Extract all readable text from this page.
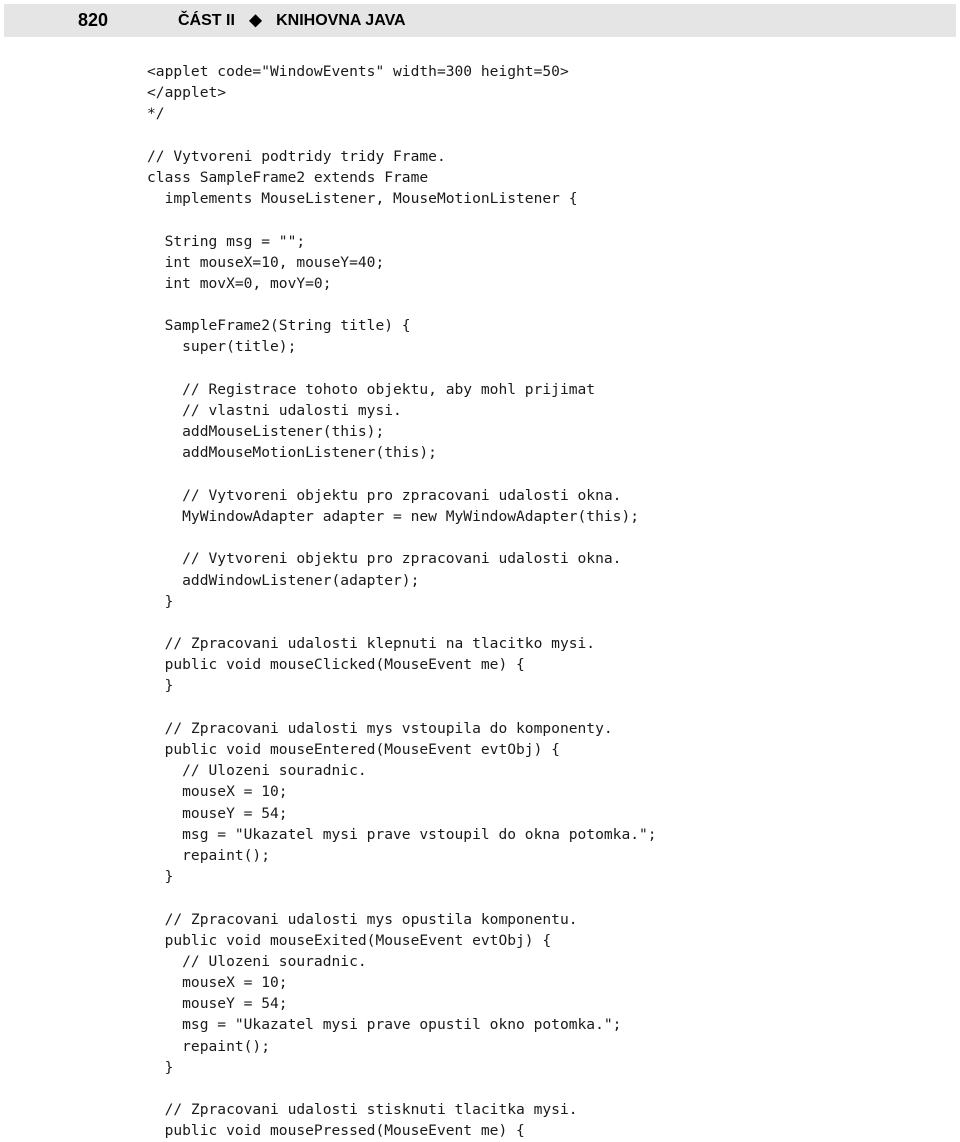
820	ČÁST II ◆ KNIHOVNA JAVA
<applet code="WindowEvents" width=300 height=50>
</applet>
*/
// Vytvoreni podtridy tridy Frame.
class SampleFrame2 extends Frame
implements MouseListener, MouseMotionListener {
String msg = "";
int mouseX=10, mouseY=40;
int movX=0, movY=0;
SampleFrame2(String title) {
super(title);
// Registrace tohoto objektu, aby mohl prijimat
// vlastni udalosti mysi.
addMouseListener(this);
addMouseMotionListener(this);
// Vytvoreni objektu pro zpracovani udalosti okna.
MyWindowAdapter adapter = new MyWindowAdapter(this);
// Vytvoreni objektu pro zpracovani udalosti okna.
addWindowListener(adapter);
}
// Zpracovani udalosti klepnuti na tlacitko mysi.
public void mouseClicked(MouseEvent me) {
}
// Zpracovani udalosti mys vstoupila do komponenty.
public void mouseEntered(MouseEvent evtObj) {
// Ulozeni souradnic.
mouseX = 10;
mouseY = 54;
msg = "Ukazatel mysi prave vstoupil do okna potomka.";
repaint();
}
// Zpracovani udalosti mys opustila komponentu.
public void mouseExited(MouseEvent evtObj) {
// Ulozeni souradnic.
mouseX = 10;
mouseY = 54;
msg = "Ukazatel mysi prave opustil okno potomka.";
repaint();
}
// Zpracovani udalosti stisknuti tlacitka mysi.
public void mousePressed(MouseEvent me) {
